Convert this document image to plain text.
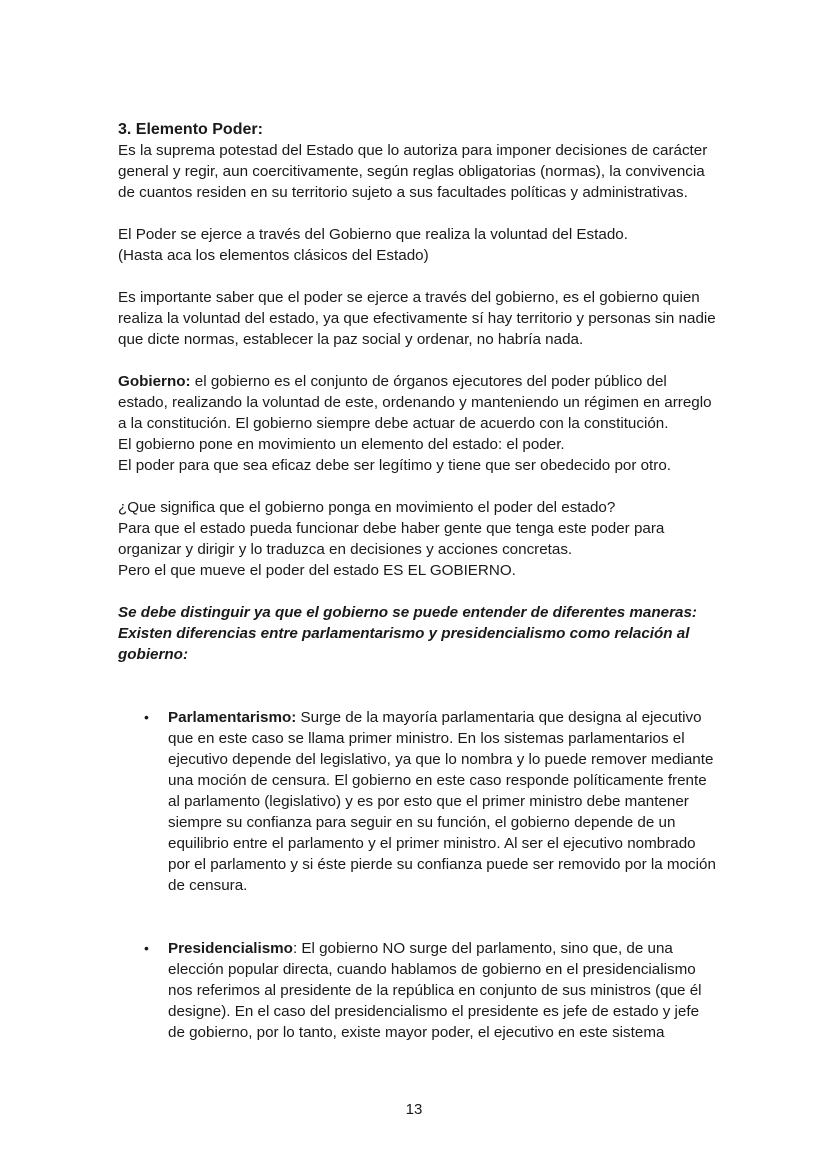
3. Elemento Poder:

Es la suprema potestad del Estado que lo autoriza para imponer decisiones de carácter general y regir, aun coercitivamente, según reglas obligatorias (normas), la convivencia de cuantos residen en su territorio sujeto a sus facultades políticas y administrativas.

El Poder se ejerce a través del Gobierno que realiza la voluntad del Estado.

(Hasta aca los elementos clásicos del Estado)

Es importante saber que el poder se ejerce a través del gobierno, es el gobierno quien realiza la voluntad del estado, ya que efectivamente sí hay territorio y personas sin nadie que dicte normas, establecer la paz social y ordenar, no habría nada.

Gobierno: el gobierno es el conjunto de órganos ejecutores del poder público del estado, realizando la voluntad de este, ordenando y manteniendo un régimen en arreglo a la constitución. El gobierno siempre debe actuar de acuerdo con la constitución.

El gobierno pone en movimiento un elemento del estado: el poder.

El poder para que sea eficaz debe ser legítimo y tiene que ser obedecido por otro.

¿Que significa que el gobierno ponga en movimiento el poder del estado?

Para que el estado pueda funcionar debe haber gente que tenga este poder para organizar y dirigir y lo traduzca en decisiones y acciones concretas.

Pero el que mueve el poder del estado ES EL GOBIERNO.

Se debe distinguir ya que el gobierno se puede entender de diferentes maneras:

Existen diferencias entre parlamentarismo y presidencialismo como relación al gobierno:

• Parlamentarismo: Surge de la mayoría parlamentaria que designa al ejecutivo que en este caso se llama primer ministro. En los sistemas parlamentarios el ejecutivo depende del legislativo, ya que lo nombra y lo puede remover mediante una moción de censura. El gobierno en este caso responde políticamente frente al parlamento (legislativo) y es por esto que el primer ministro debe mantener siempre su confianza para seguir en su función, el gobierno depende de un equilibrio entre el parlamento y el primer ministro. Al ser el ejecutivo nombrado por el parlamento y si éste pierde su confianza puede ser removido por la moción de censura.
• Presidencialismo: El gobierno NO surge del parlamento, sino que, de una elección popular directa, cuando hablamos de gobierno en el presidencialismo nos referimos al presidente de la república en conjunto de sus ministros (que él designe). En el caso del presidencialismo el presidente es jefe de estado y jefe de gobierno, por lo tanto, existe mayor poder, el ejecutivo en este sistema
13
